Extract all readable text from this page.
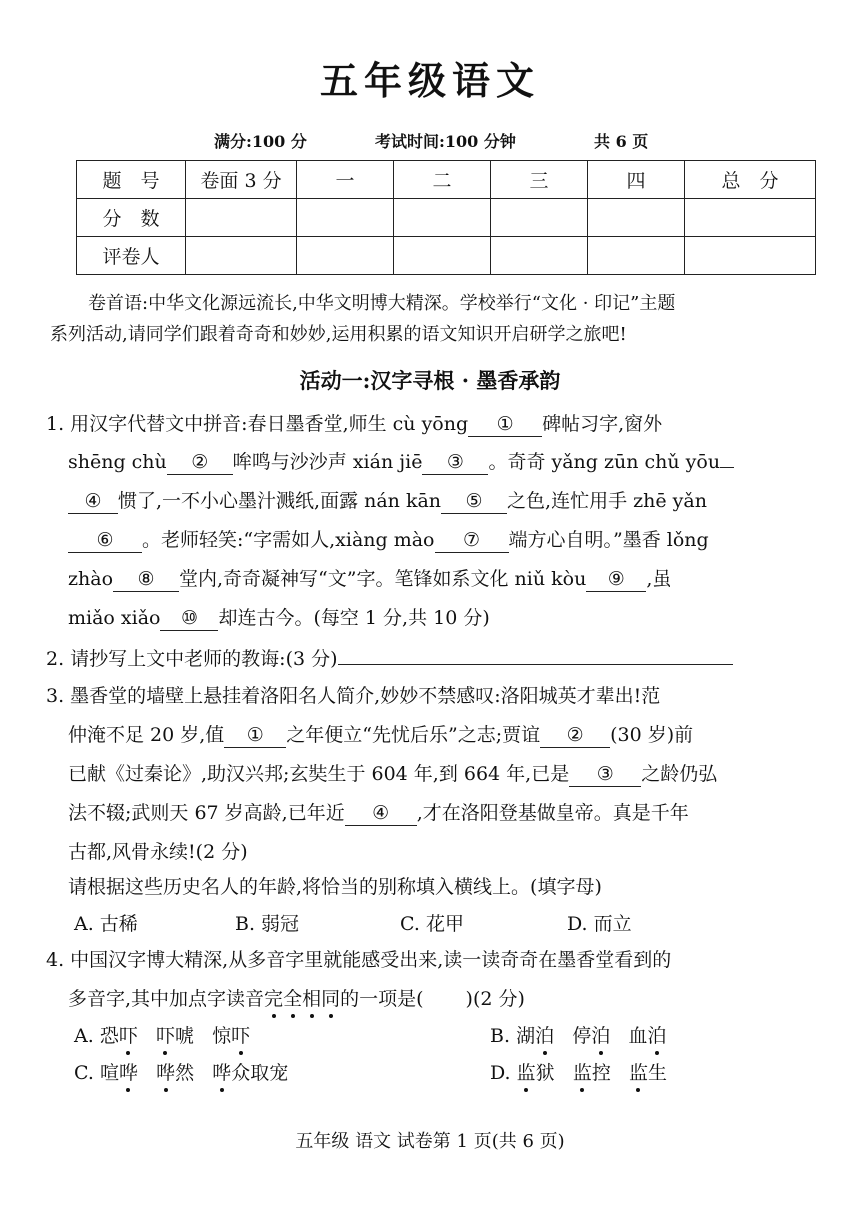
五年级语文
满分:100 分	考试时间:100 分钟	共 6 页
题　号	卷面 3 分	一	二	三	四	总　分
分　数						
评卷人						
卷首语:中华文化源远流长,中华文明博大精深。学校举行“文化 · 印记”主题
系列活动,请同学们跟着奇奇和妙妙,运用积累的语文知识开启研学之旅吧!
活动一:汉字寻根 · 墨香承韵
1. 用汉字代替文中拼音:春日墨香堂,师生 cù yōng ① 碑帖习字,窗外
shēng chù ② 哞鸣与沙沙声 xián jiē ③ 。奇奇 yǎng zūn chǔ yōu
④ 惯了,一不小心墨汁溅纸,面露 nán kān ⑤ 之色,连忙用手 zhē yǎn
⑥ 。老师轻笑:“字需如人,xiàng mào ⑦ 端方心自明。”墨香 lǒng
zhào ⑧ 堂内,奇奇凝神写“文”字。笔锋如系文化 niǔ kòu ⑨ ,虽
miǎo xiǎo ⑩ 却连古今。(每空 1 分,共 10 分)
2. 请抄写上文中老师的教诲:(3 分)
3. 墨香堂的墙壁上悬挂着洛阳名人简介,妙妙不禁感叹:洛阳城英才辈出!范
仲淹不足 20 岁,值 ① 之年便立“先忧后乐”之志;贾谊 ② (30 岁)前
已献《过秦论》,助汉兴邦;玄奘生于 604 年,到 664 年,已是 ③ 之龄仍弘
法不辍;武则天 67 岁高龄,已年近 ④ ,才在洛阳登基做皇帝。真是千年
古都,风骨永续!(2 分)
请根据这些历史名人的年龄,将恰当的别称填入横线上。(填字母)
A. 古稀	B. 弱冠	C. 花甲	D. 而立
4. 中国汉字博大精深,从多音字里就能感受出来,读一读奇奇在墨香堂看到的
多音字,其中加点字读音完全相同的一项是( )(2 分)
A. 恐吓 吓唬 惊吓	B. 湖泊 停泊 血泊
C. 喧哗 哗然 哗众取宠	D. 监狱 监控 监生
五年级 语文 试卷第 1 页(共 6 页)
